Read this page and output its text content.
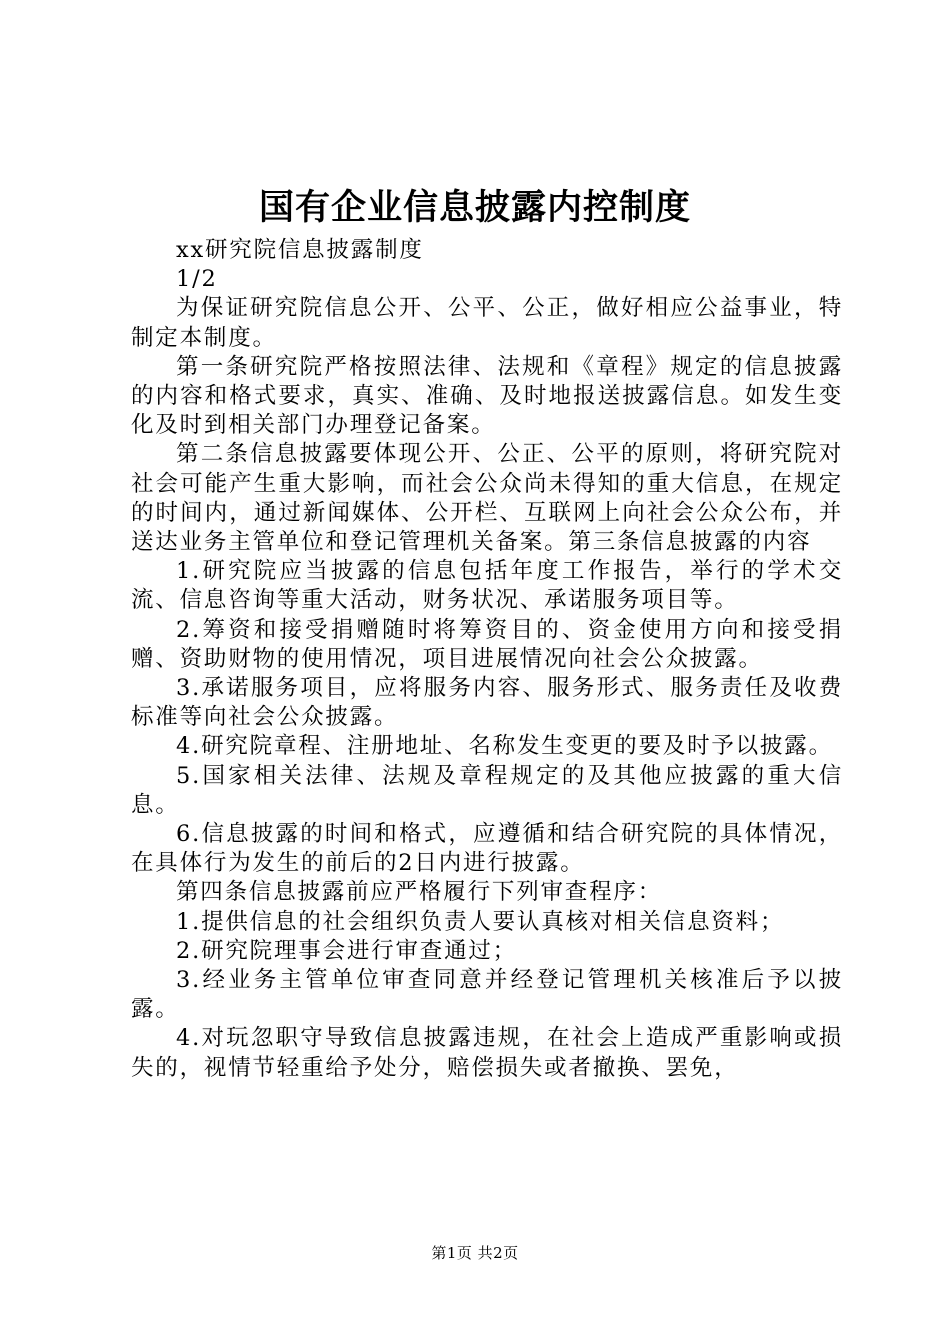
国有企业信息披露内控制度

xx研究院信息披露制度

1/2

为保证研究院信息公开、公平、公正，做好相应公益事业，特制定本制度。

第一条研究院严格按照法律、法规和《章程》规定的信息披露的内容和格式要求，真实、准确、及时地报送披露信息。如发生变化及时到相关部门办理登记备案。

第二条信息披露要体现公开、公正、公平的原则，将研究院对社会可能产生重大影响，而社会公众尚未得知的重大信息，在规定的时间内，通过新闻媒体、公开栏、互联网上向社会公众公布，并送达业务主管单位和登记管理机关备案。第三条信息披露的内容

1.研究院应当披露的信息包括年度工作报告，举行的学术交流、信息咨询等重大活动，财务状况、承诺服务项目等。

2.筹资和接受捐赠随时将筹资目的、资金使用方向和接受捐赠、资助财物的使用情况，项目进展情况向社会公众披露。

3.承诺服务项目，应将服务内容、服务形式、服务责任及收费标准等向社会公众披露。

4.研究院章程、注册地址、名称发生变更的要及时予以披露。

5.国家相关法律、法规及章程规定的及其他应披露的重大信息。

6.信息披露的时间和格式，应遵循和结合研究院的具体情况，在具体行为发生的前后的2日内进行披露。

第四条信息披露前应严格履行下列审查程序：

1.提供信息的社会组织负责人要认真核对相关信息资料；

2.研究院理事会进行审查通过；

3.经业务主管单位审查同意并经登记管理机关核准后予以披露。

4.对玩忽职守导致信息披露违规，在社会上造成严重影响或损失的，视情节轻重给予处分，赔偿损失或者撤换、罢免，

第1页 共2页
